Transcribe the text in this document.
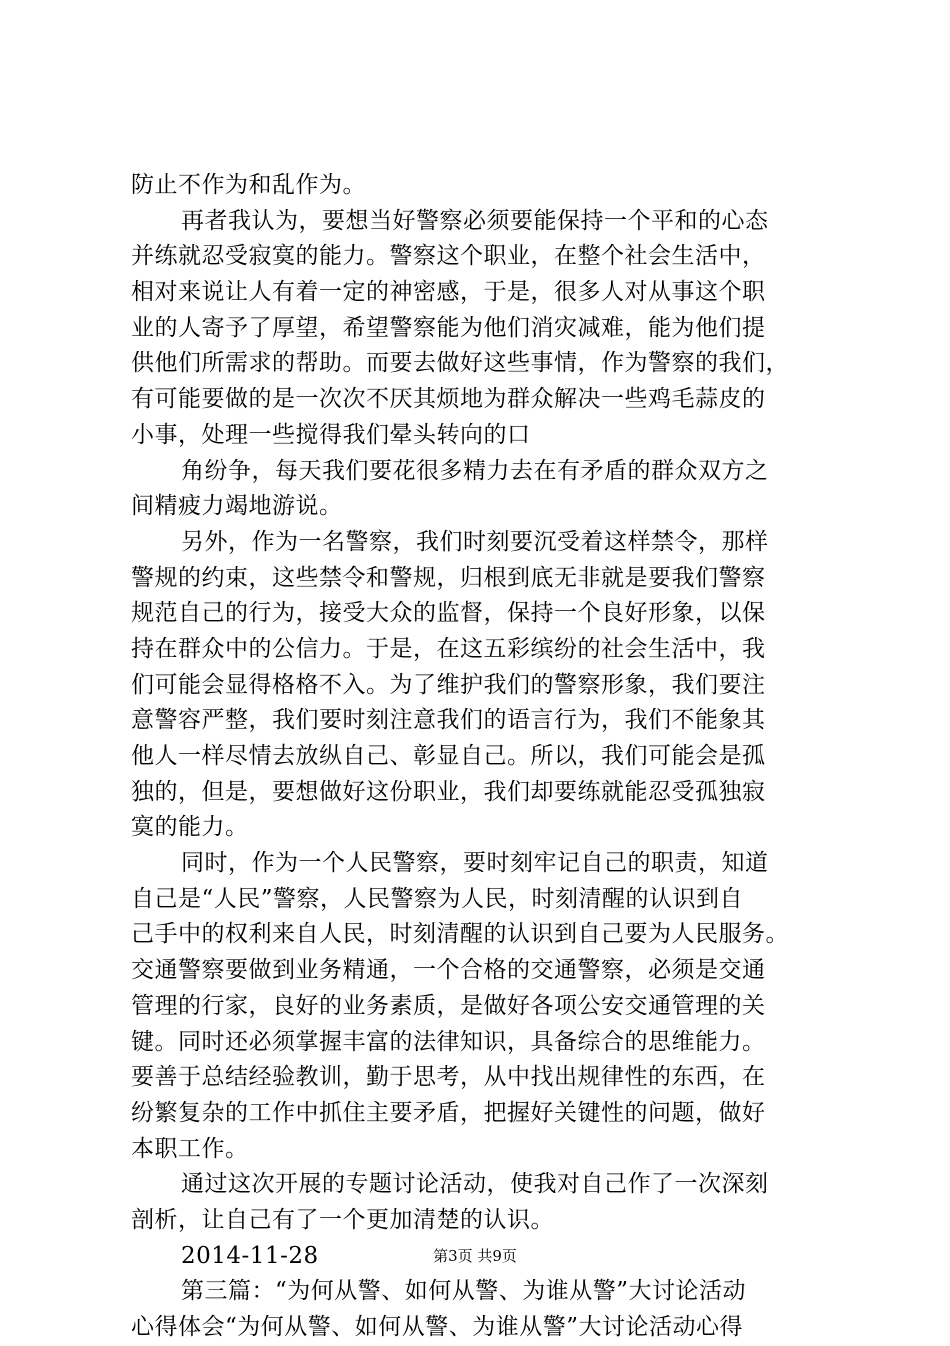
防止不作为和乱作为。
再者我认为，要想当好警察必须要能保持一个平和的心态
并练就忍受寂寞的能力。警察这个职业，在整个社会生活中，
相对来说让人有着一定的神密感，于是，很多人对从事这个职
业的人寄予了厚望，希望警察能为他们消灾减难，能为他们提
供他们所需求的帮助。而要去做好这些事情，作为警察的我们，
有可能要做的是一次次不厌其烦地为群众解决一些鸡毛蒜皮的
小事，处理一些搅得我们晕头转向的口
角纷争，每天我们要花很多精力去在有矛盾的群众双方之
间精疲力竭地游说。
另外，作为一名警察，我们时刻要沉受着这样禁令，那样
警规的约束，这些禁令和警规，归根到底无非就是要我们警察
规范自己的行为，接受大众的监督，保持一个良好形象，以保
持在群众中的公信力。于是，在这五彩缤纷的社会生活中，我
们可能会显得格格不入。为了维护我们的警察形象，我们要注
意警容严整，我们要时刻注意我们的语言行为，我们不能象其
他人一样尽情去放纵自己、彰显自己。所以，我们可能会是孤
独的，但是，要想做好这份职业，我们却要练就能忍受孤独寂
寞的能力。
同时，作为一个人民警察，要时刻牢记自己的职责，知道
自己是“人民”警察，人民警察为人民，时刻清醒的认识到自
己手中的权利来自人民，时刻清醒的认识到自己要为人民服务。
交通警察要做到业务精通，一个合格的交通警察，必须是交通
管理的行家，良好的业务素质，是做好各项公安交通管理的关
键。同时还必须掌握丰富的法律知识，具备综合的思维能力。
要善于总结经验教训，勤于思考，从中找出规律性的东西，在
纷繁复杂的工作中抓住主要矛盾，把握好关键性的问题，做好
本职工作。
通过这次开展的专题讨论活动，使我对自己作了一次深刻
剖析，让自己有了一个更加清楚的认识。
2014-11-28
第三篇：“为何从警、如何从警、为谁从警”大讨论活动
心得体会“为何从警、如何从警、为谁从警”大讨论活动心得
第3页 共9页
